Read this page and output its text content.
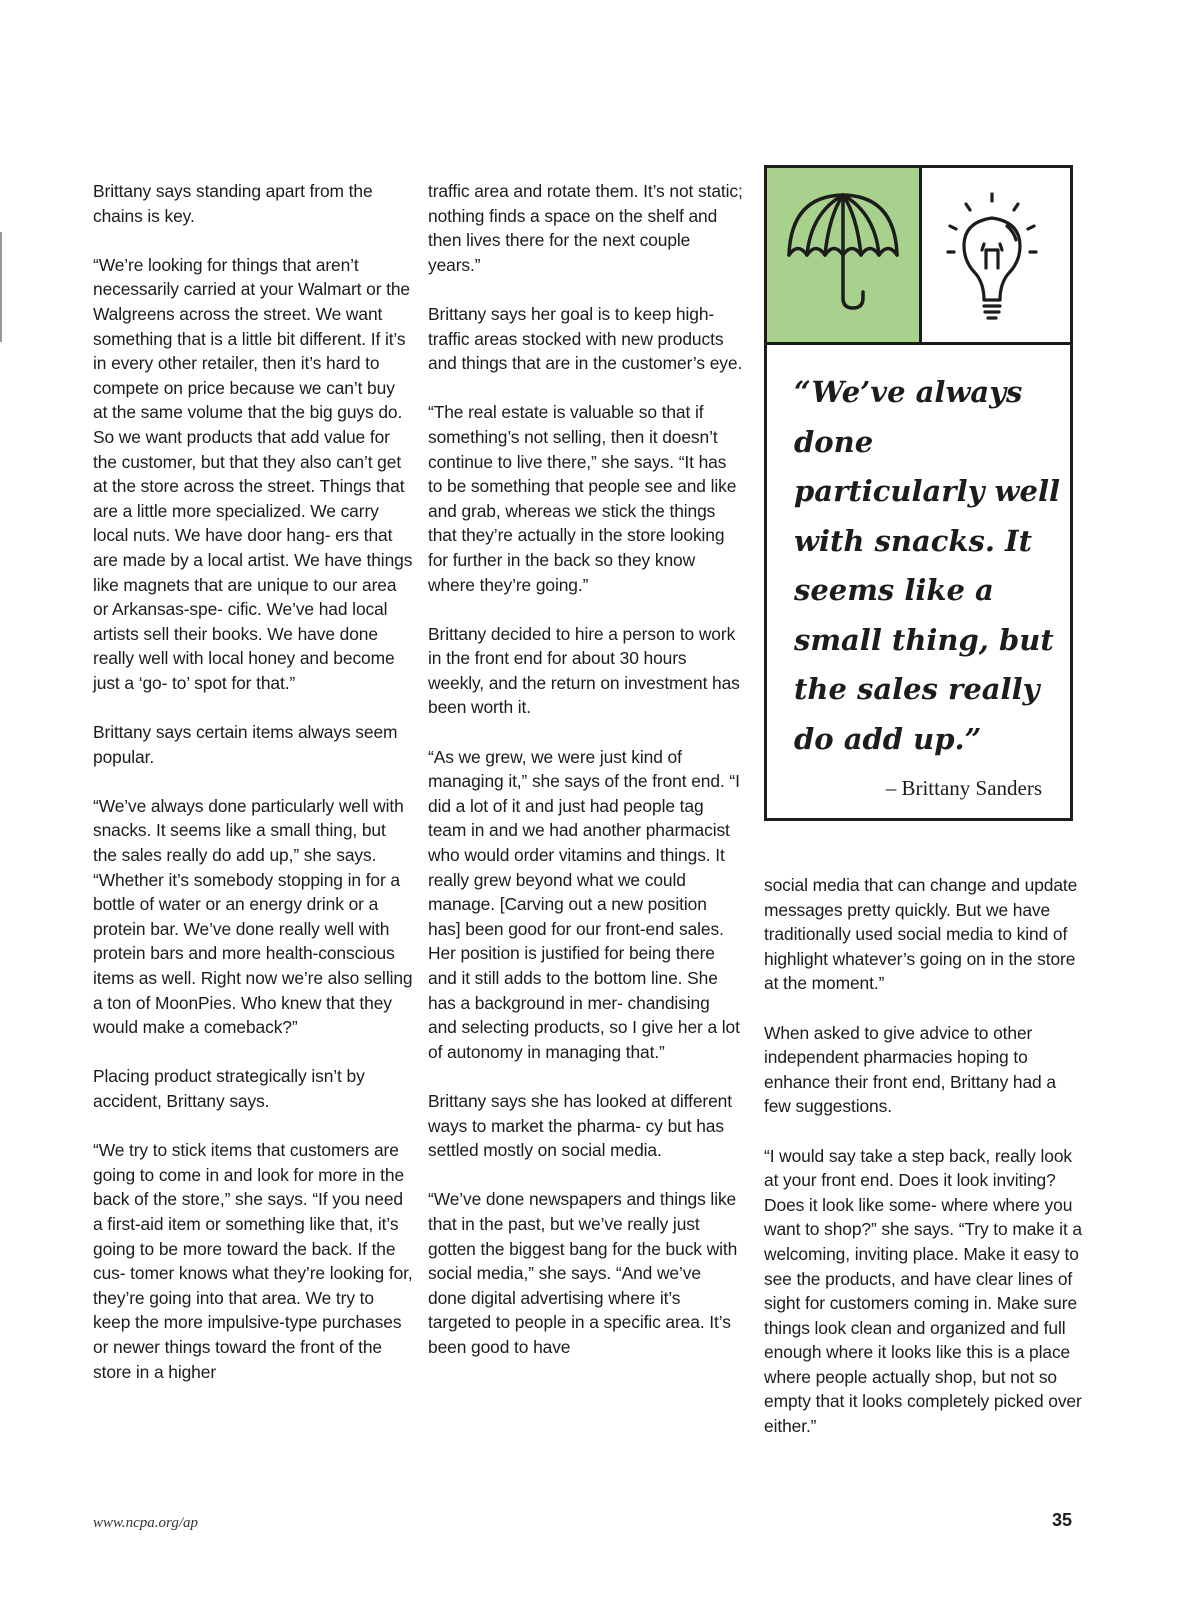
Brittany says standing apart from the chains is key.

“We’re looking for things that aren’t necessarily carried at your Walmart or the Walgreens across the street. We want something that is a little bit different. If it’s in every other retailer, then it’s hard to compete on price because we can’t buy at the same volume that the big guys do. So we want products that add value for the customer, but that they also can’t get at the store across the street. Things that are a little more specialized. We carry local nuts. We have door hang- ers that are made by a local artist. We have things like magnets that are unique to our area or Arkansas-spe- cific. We’ve had local artists sell their books. We have done really well with local honey and become just a ‘go- to’ spot for that.”

Brittany says certain items always seem popular.

“We’ve always done particularly well with snacks. It seems like a small thing, but the sales really do add up,” she says. “Whether it’s somebody stopping in for a bottle of water or an energy drink or a protein bar. We’ve done really well with protein bars and more health-conscious items as well. Right now we’re also selling a ton of MoonPies. Who knew that they would make a comeback?”

Placing product strategically isn’t by accident, Brittany says.

“We try to stick items that customers are going to come in and look for more in the back of the store,” she says. “If you need a first-aid item or something like that, it’s going to be more toward the back. If the cus- tomer knows what they’re looking for, they’re going into that area. We try to keep the more impulsive-type purchases or newer things toward the front of the store in a higher

traffic area and rotate them. It’s not static; nothing finds a space on the shelf and then lives there for the next couple years.”

Brittany says her goal is to keep high-traffic areas stocked with new products and things that are in the customer’s eye.

“The real estate is valuable so that if something’s not selling, then it doesn’t continue to live there,” she says. “It has to be something that people see and like and grab, whereas we stick the things that they’re actually in the store looking for further in the back so they know where they’re going.”

Brittany decided to hire a person to work in the front end for about 30 hours weekly, and the return on investment has been worth it.

“As we grew, we were just kind of managing it,” she says of the front end. “I did a lot of it and just had people tag team in and we had another pharmacist who would order vitamins and things. It really grew beyond what we could manage. [Carving out a new position has] been good for our front-end sales. Her position is justified for being there and it still adds to the bottom line. She has a background in mer- chandising and selecting products, so I give her a lot of autonomy in managing that.”

Brittany says she has looked at different ways to market the pharma- cy but has settled mostly on social media.

“We’ve done newspapers and things like that in the past, but we’ve really just gotten the biggest bang for the buck with social media,” she says. “And we’ve done digital advertising where it’s targeted to people in a specific area. It’s been good to have

“We’ve always done particularly well with snacks. It seems like a small thing, but the sales really do add up.”
– Brittany Sanders

social media that can change and update messages pretty quickly. But we have traditionally used social media to kind of highlight whatever’s going on in the store at the moment.”

When asked to give advice to other independent pharmacies hoping to enhance their front end, Brittany had a few suggestions.

“I would say take a step back, really look at your front end. Does it look inviting? Does it look like some- where where you want to shop?” she says. “Try to make it a welcoming, inviting place. Make it easy to see the products, and have clear lines of sight for customers coming in. Make sure things look clean and organized and full enough where it looks like this is a place where people actually shop, but not so empty that it looks completely picked over either.”

www.ncpa.org/ap	35
